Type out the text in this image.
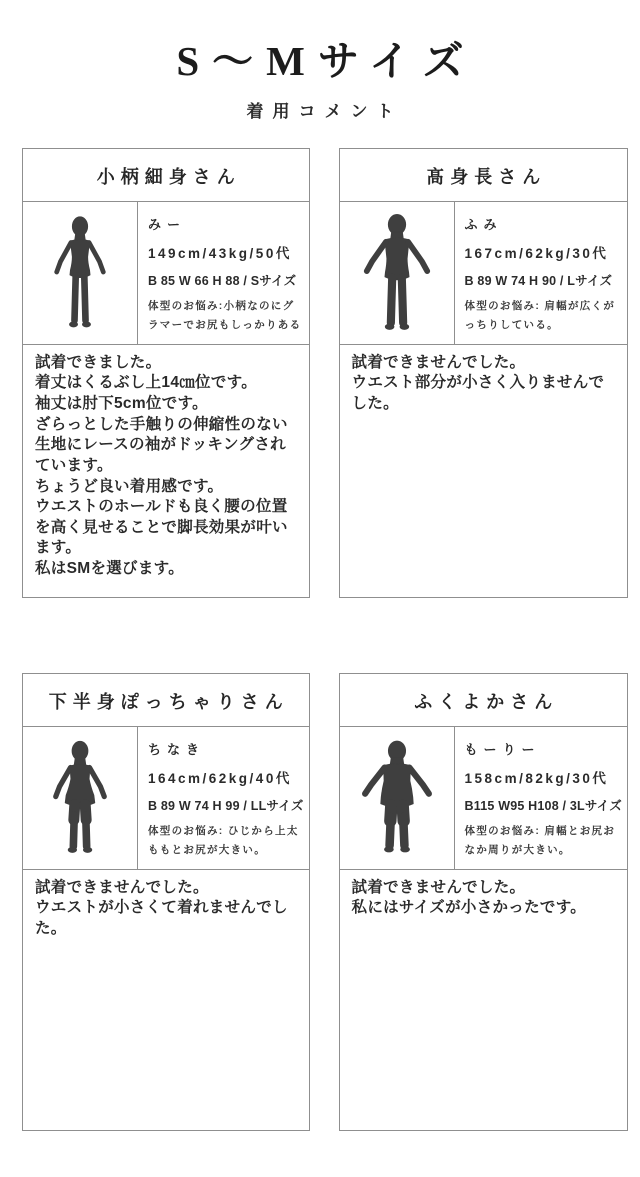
S～Mサイズ
着用コメント
小柄細身さん
みー
149cm/43kg/50代
B 85 W 66 H 88 / Sサイズ
体型のお悩み:小柄なのにグラマーでお尻もしっかりある

試着できました。

着丈はくるぶし上14㎝位です。

袖丈は肘下5cm位です。

ざらっとした手触りの伸縮性のない生地にレースの袖がドッキングされています。

ちょうど良い着用感です。

ウエストのホールドも良く腰の位置を高く見せることで脚長効果が叶います。

私はSMを選びます。

髙身長さん
ふみ
167cm/62kg/30代
B 89 W 74 H 90 / Lサイズ
体型のお悩み: 肩幅が広くがっちりしている。

試着できませんでした。

ウエスト部分が小さく入りませんでした。

下半身ぽっちゃりさん
ちなき
164cm/62kg/40代
B 89 W 74 H 99 / LLサイズ
体型のお悩み: ひじから上太ももとお尻が大きい。

試着できませんでした。

ウエストが小さくて着れませんでした。

ふくよかさん
もーりー
158cm/82kg/30代
B115 W95 H108 / 3Lサイズ
体型のお悩み: 肩幅とお尻おなか周りが大きい。

試着できませんでした。

私にはサイズが小さかったです。
